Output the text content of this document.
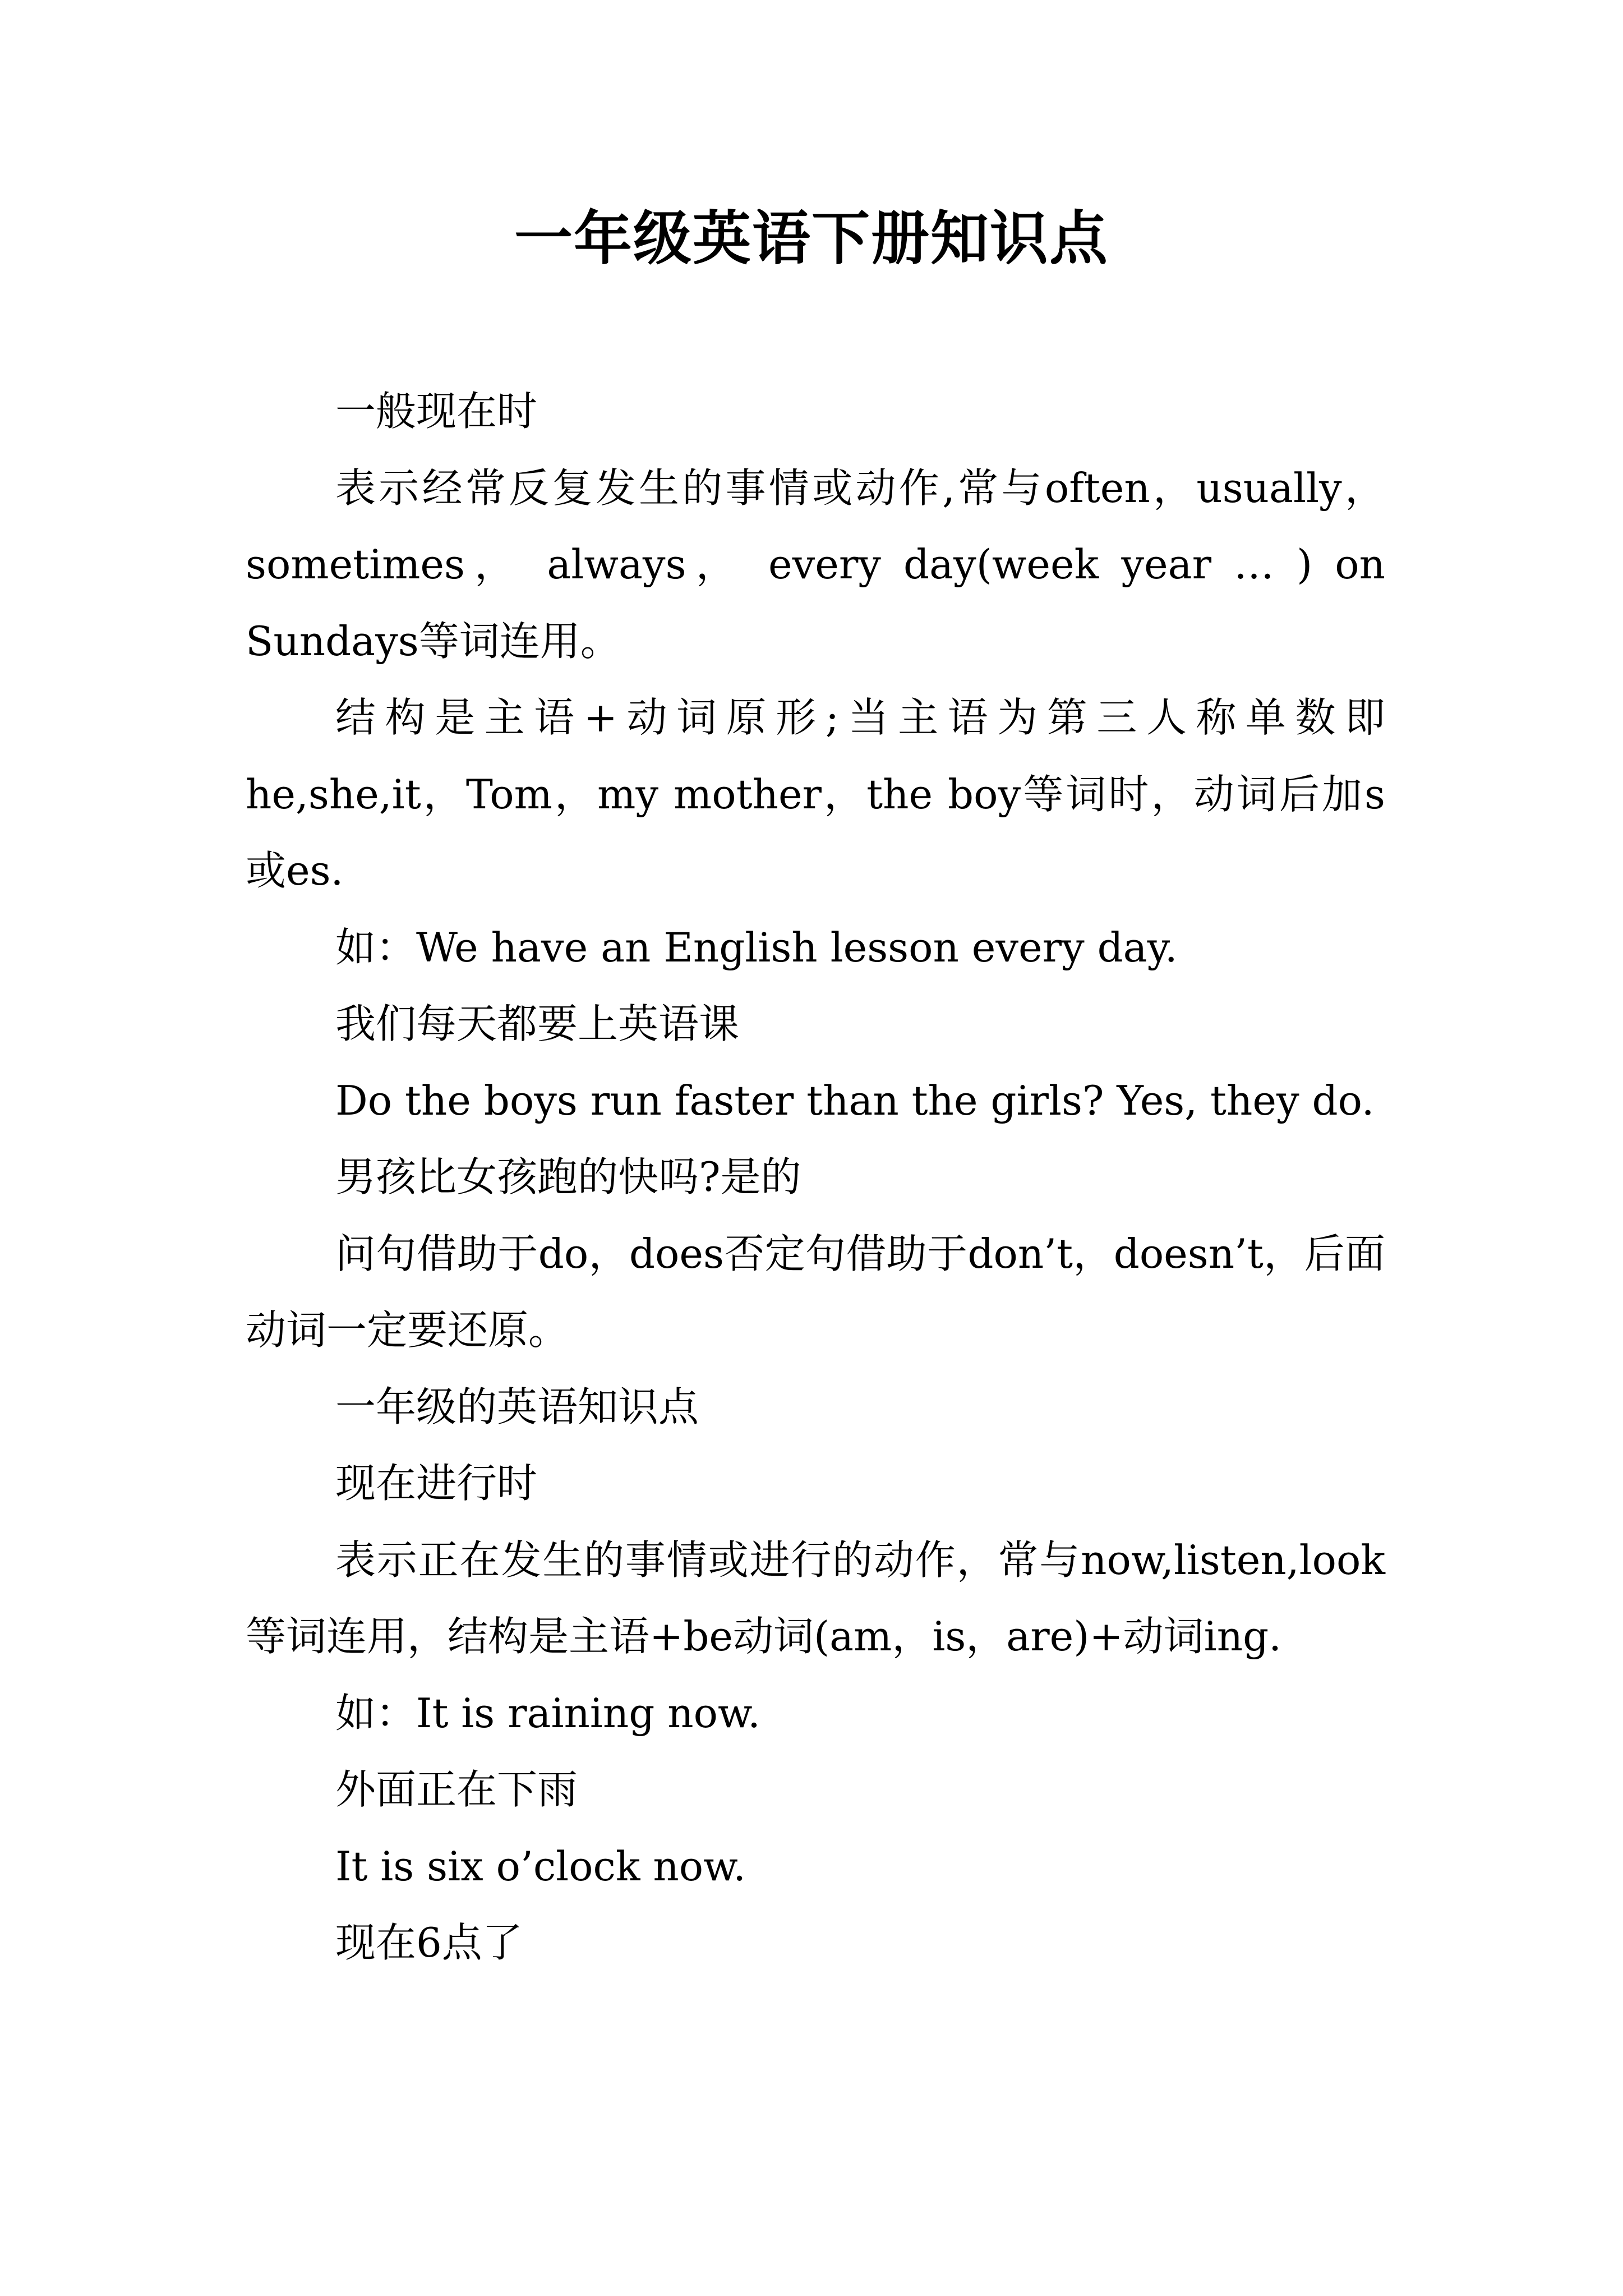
一年级英语下册知识点

一般现在时

表示经常反复发生的事情或动作,常与often，usually，sometimes， always， every day(week year … ) on Sundays等词连用。

结构是主语+动词原形;当主语为第三人称单数即he,she,it，Tom，my mother，the boy等词时，动词后加s或es.

如：We have an English lesson every day.

我们每天都要上英语课

Do the boys run faster than the girls? Yes, they do.

男孩比女孩跑的快吗?是的

问句借助于do，does否定句借助于don’t，doesn’t，后面动词一定要还原。

一年级的英语知识点

现在进行时

表示正在发生的事情或进行的动作，常与now,listen,look等词连用，结构是主语+be动词(am，is，are)+动词ing.

如：It is raining now.

外面正在下雨

It is six o’clock now.

现在6点了
